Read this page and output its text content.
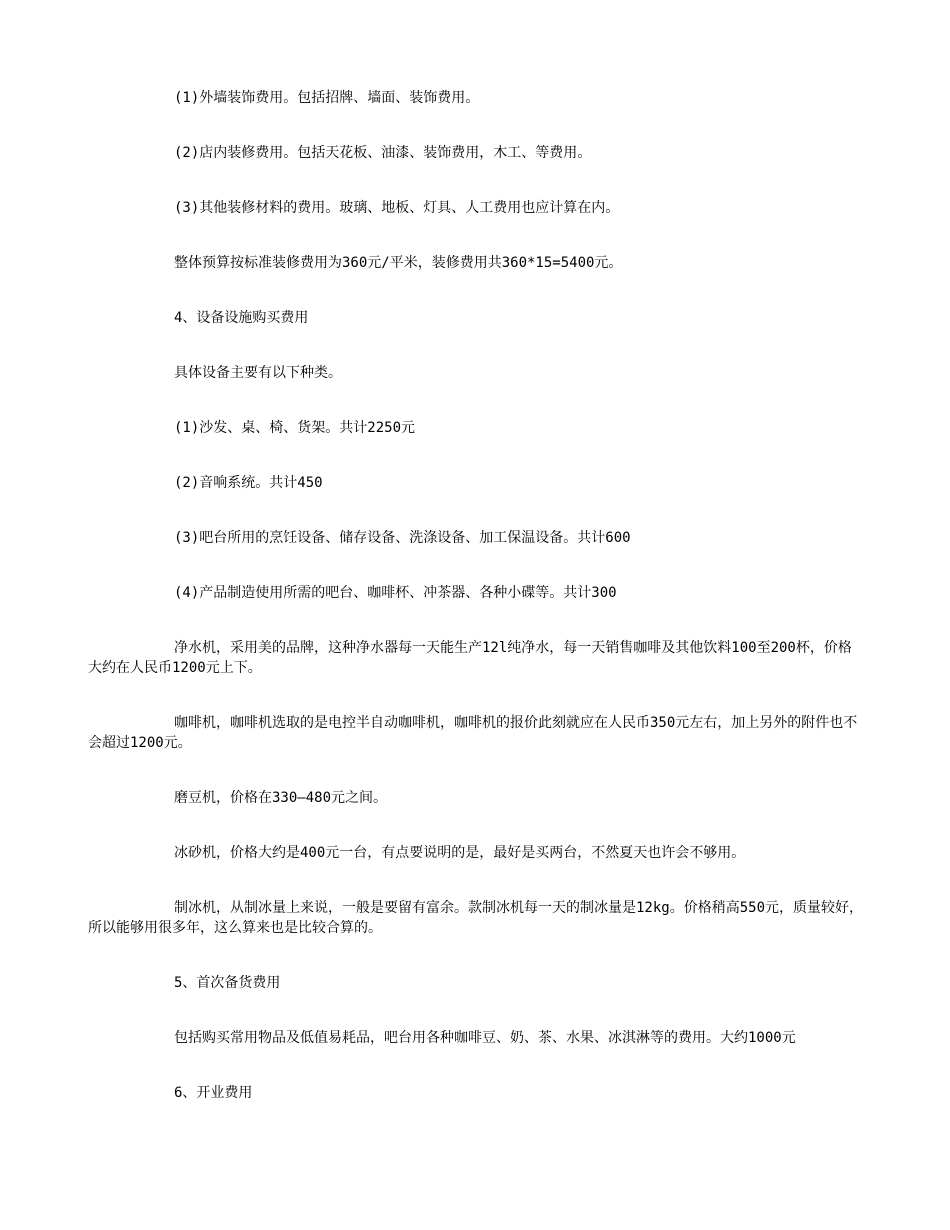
(1)外墙装饰费用。包括招牌、墙面、装饰费用。

(2)店内装修费用。包括天花板、油漆、装饰费用，木工、等费用。

(3)其他装修材料的费用。玻璃、地板、灯具、人工费用也应计算在内。

整体预算按标准装修费用为360元/平米，装修费用共360*15=5400元。

4、设备设施购买费用

具体设备主要有以下种类。

(1)沙发、桌、椅、货架。共计2250元

(2)音响系统。共计450

(3)吧台所用的烹饪设备、储存设备、洗涤设备、加工保温设备。共计600

(4)产品制造使用所需的吧台、咖啡杯、冲茶器、各种小碟等。共计300

净水机，采用美的品牌，这种净水器每一天能生产12l纯净水，每一天销售咖啡及其他饮料100至200杯，价格大约在人民币1200元上下。

咖啡机，咖啡机选取的是电控半自动咖啡机，咖啡机的报价此刻就应在人民币350元左右，加上另外的附件也不会超过1200元。

磨豆机，价格在330—480元之间。

冰砂机，价格大约是400元一台，有点要说明的是，最好是买两台，不然夏天也许会不够用。

制冰机，从制冰量上来说，一般是要留有富余。款制冰机每一天的制冰量是12kg。价格稍高550元，质量较好，所以能够用很多年，这么算来也是比较合算的。

5、首次备货费用

包括购买常用物品及低值易耗品，吧台用各种咖啡豆、奶、茶、水果、冰淇淋等的费用。大约1000元

6、开业费用
